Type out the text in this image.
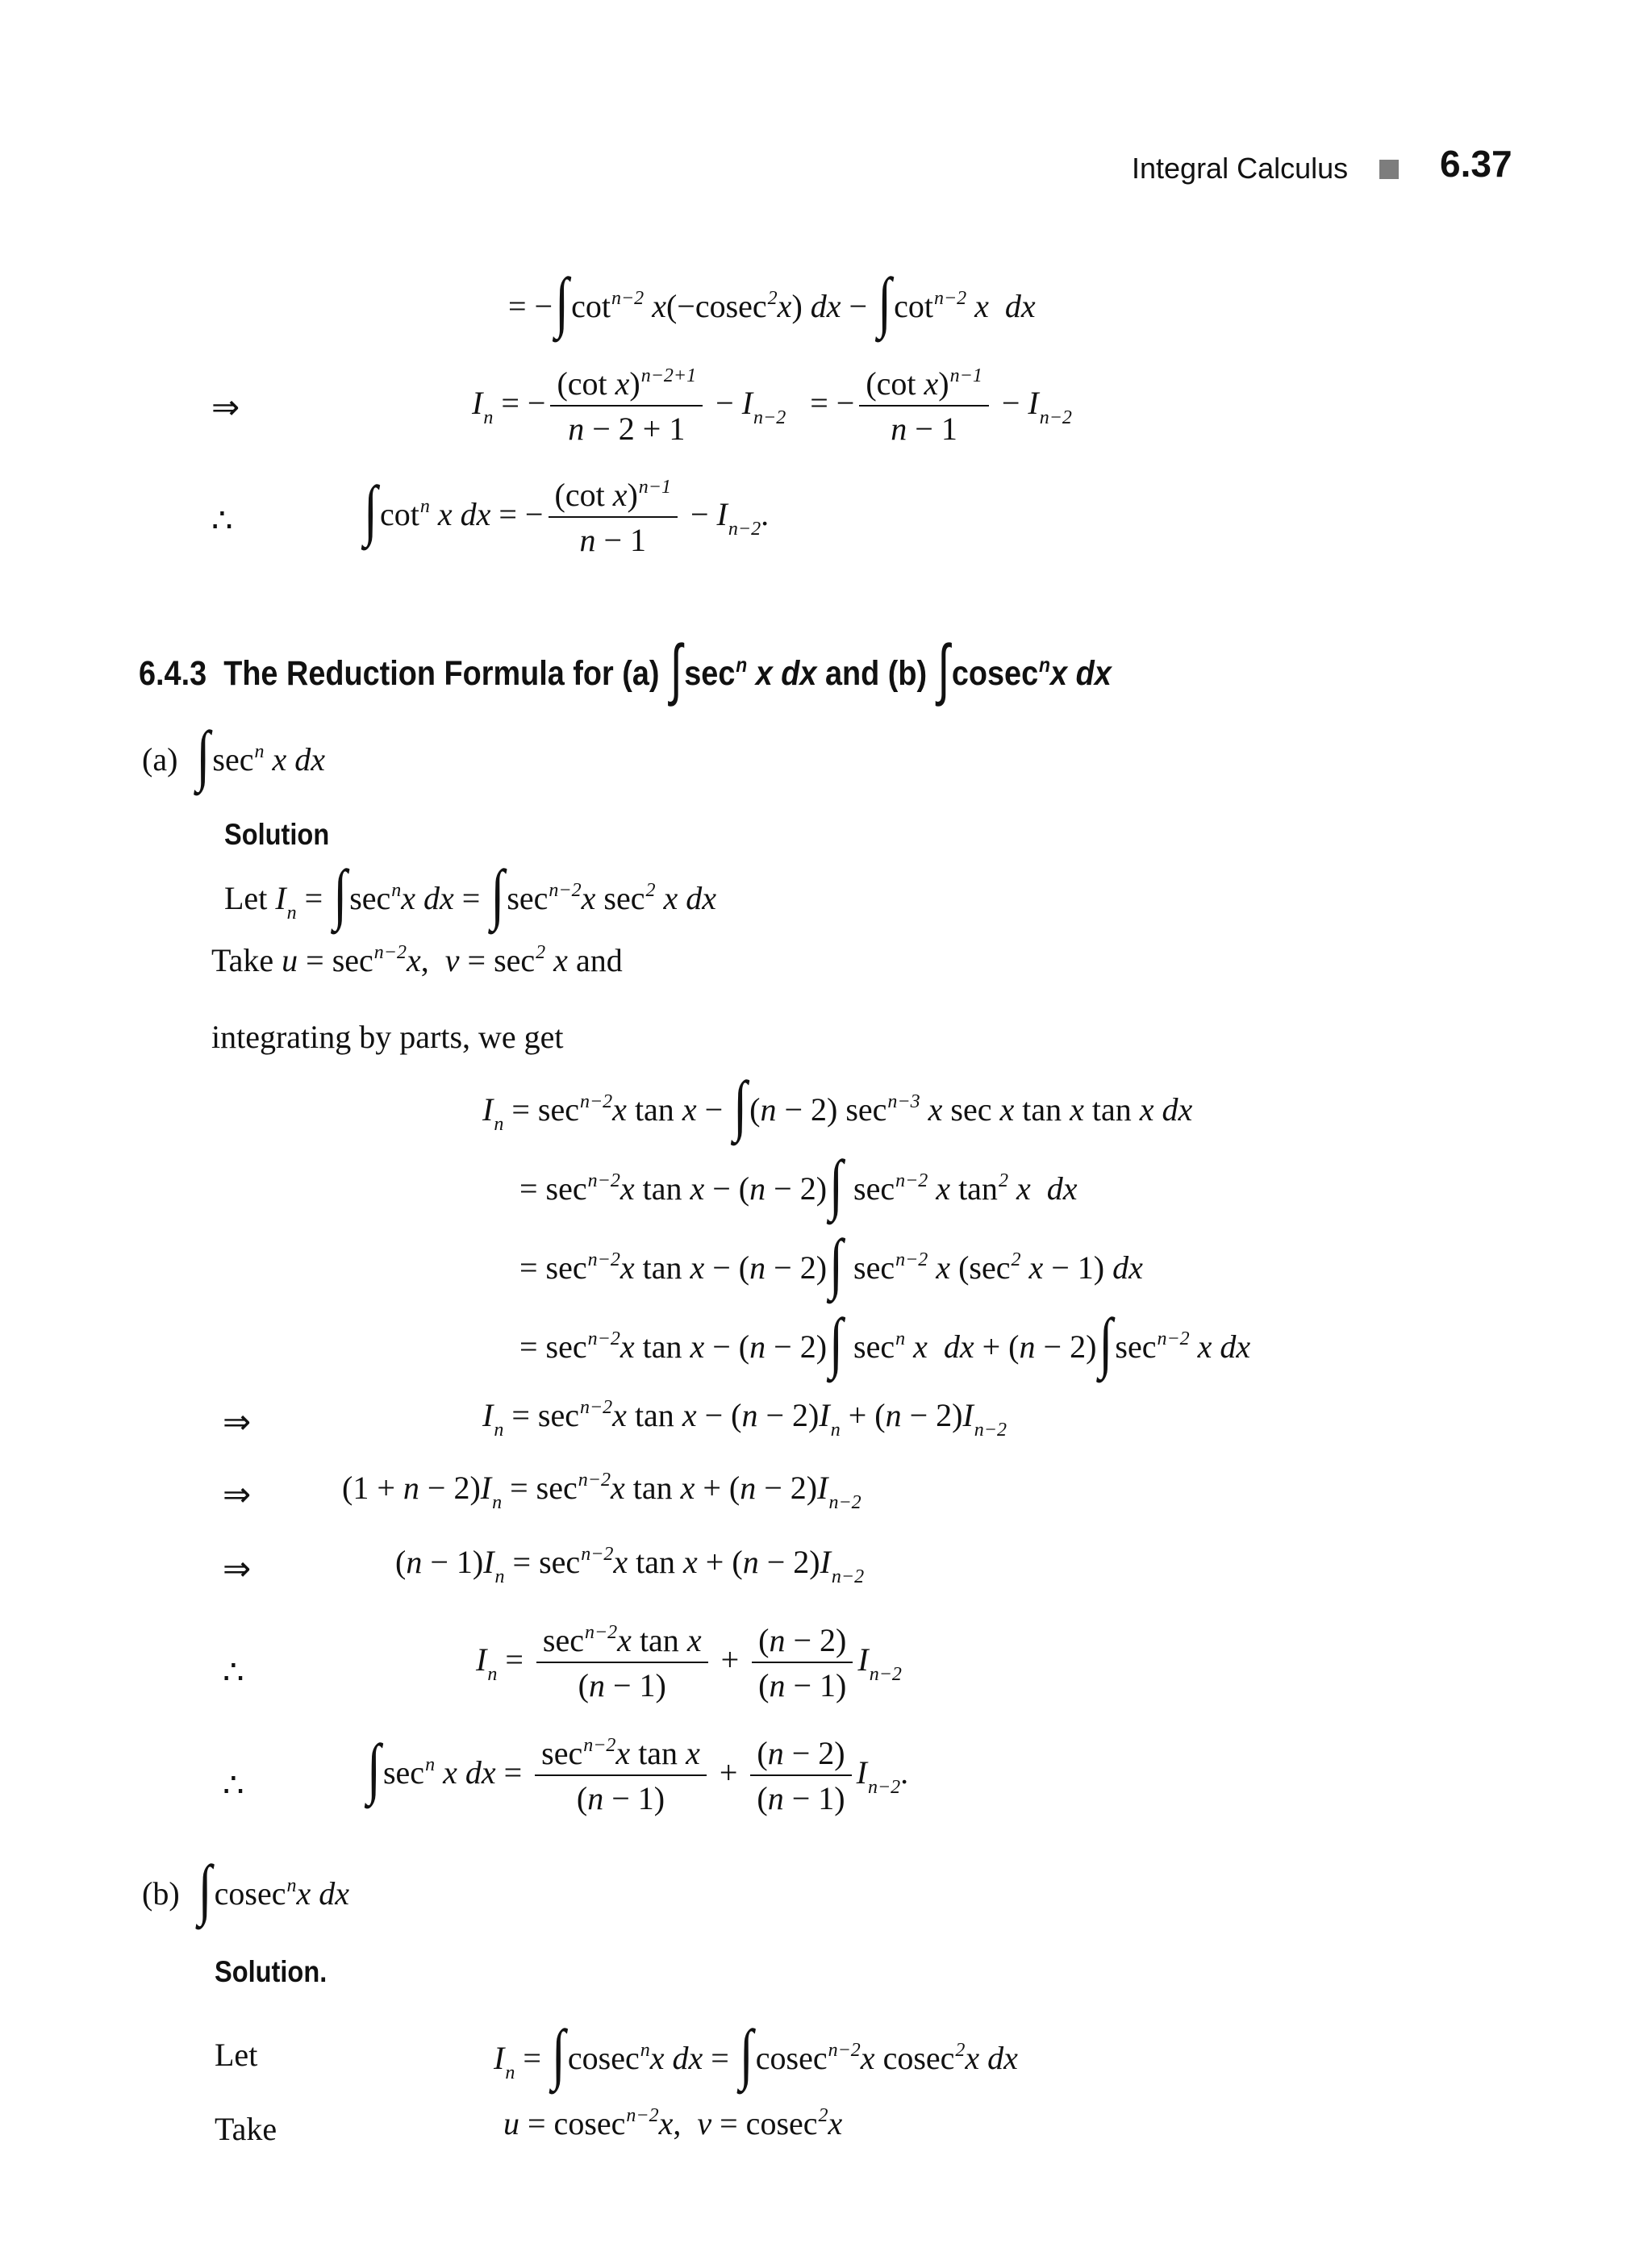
Integral Calculus 6.37
= $-\int\cot^{n-2}$ x(−cosec$^2$x) dx − $\int\cot^{n-2}$ x dx
⇒	$I_n$ = − $\frac{(\cot x)^{n-2+1}}{n - 2 + 1} - I_{n-2}$   = − $\frac{(\cot x)^{n-1}}{n - 1} - I_{n-2}$
∴	$\int\cot^n$ x dx = − $\frac{(\cot x)^{n-1}}{n - 1} - I_{n-2}$.
6.4.3 The Reduction Formula for (a) $\int\sec^n$ x dx and (b) ∫cosec$^n$x dx
(a) $\int\sec^n$ x dx
Solution
Let $I_n = \int\sec^nx$ dx = $\int\sec^{n-2}x$ $\sec^2 x$ dx
Take $u = \sec^{n-2}x$,  $v = \sec^2 x$ and
integrating by parts, we get
$I_n = \sec^{n-2}x$ tan x − ∫(n − 2) $\sec^{n-3} x$ sec x tan x tan x dx
= $\sec^{n-2}x$ tan x − (n − 2)∫ $\sec^{n-2} x$ $\tan^2 x$ dx
= $\sec^{n-2}x$ tan x − (n − 2)∫ $\sec^{n-2} x$ ($\sec^2$ x − 1) dx
= $\sec^{n-2}x$ tan x − (n − 2)∫ $\sec^n x$ dx + $(n - 2)\int\sec^{n-2}$ x dx
⇒	$I_n = \sec^{n-2}x$ $\tan x - (n - 2)I_n + (n - 2)I_{n-2}$
⇒	$(1 + n - 2)I_n = \sec^{n-2}x$ $\tan x + (n - 2)I_{n-2}$
⇒	$(n - 1)I_n = \sec^{n-2}x$ $\tan x + (n - 2)I_{n-2}$
∴	$I_n = \frac{\sec^{n-2}x \tan x}{(n - 1)} + \frac{(n - 2)}{(n - 1)} I_{n-2}$
∴ $\int\sec^n$ x dx = $\frac{\sec^{n-2}x \tan x}{(n - 1)} + \frac{(n - 2)}{(n - 1)} I_{n-2}$.
(b) ∫cosec$^n$x dx
Solution.
Let	$I_n = \int cosec^nx$ dx = ∫cosec$^{n-2}$x cosec$^2$x dx
Take	u = cosec$^{n-2}$x,  v = cosec$^2$x
